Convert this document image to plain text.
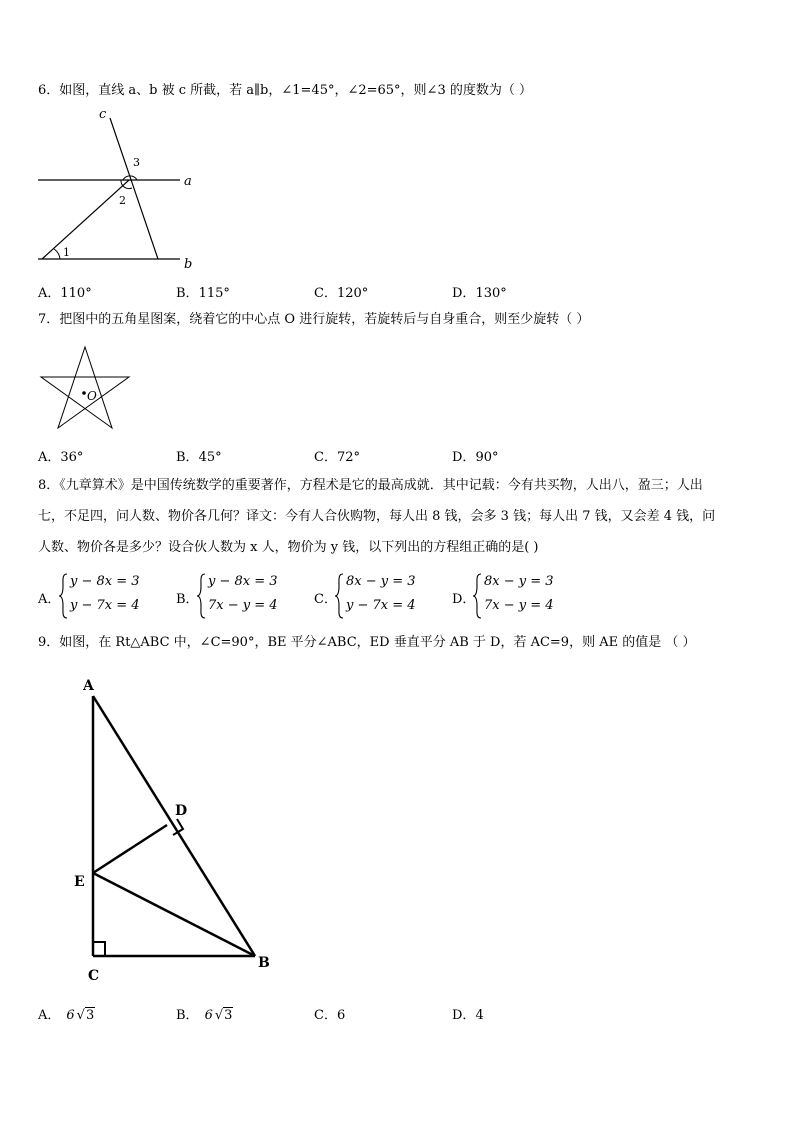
6．如图，直线 a、b 被 c 所截，若 a∥b，∠1=45°，∠2=65°，则∠3 的度数为（ ）
c
a
b
1
2
3
A．110°	B．115°	C．120°	D．130°
7．把图中的五角星图案，绕着它的中心点 O 进行旋转，若旋转后与自身重合，则至少旋转（ ）
O
A．36°	B．45°	C．72°	D．90°
8．《九章算术》是中国传统数学的重要著作，方程术是它的最高成就．其中记载：今有共买物，人出八，盈三；人出
七，不足四，问人数、物价各几何？译文：今有人合伙购物，每人出 8 钱，会多 3 钱；每人出 7 钱，又会差 4 钱，问
人数、物价各是多少？设合伙人数为 x 人，物价为 y 钱，以下列出的方程组正确的是( )
A．
y − 8x = 3
y − 7x = 4	B．
y − 8x = 3
7x − y = 4	C．
8x − y = 3
y − 7x = 4	D．
8x − y = 3
7x − y = 4
9．如图，在 Rt△ABC 中，∠C=90°，BE 平分∠ABC，ED 垂直平分 AB 于 D，若 AC=9，则 AE 的值是 （ ）
A
D
E
C
B
A． 6 √3	B． 6 √3	C．6	D．4
